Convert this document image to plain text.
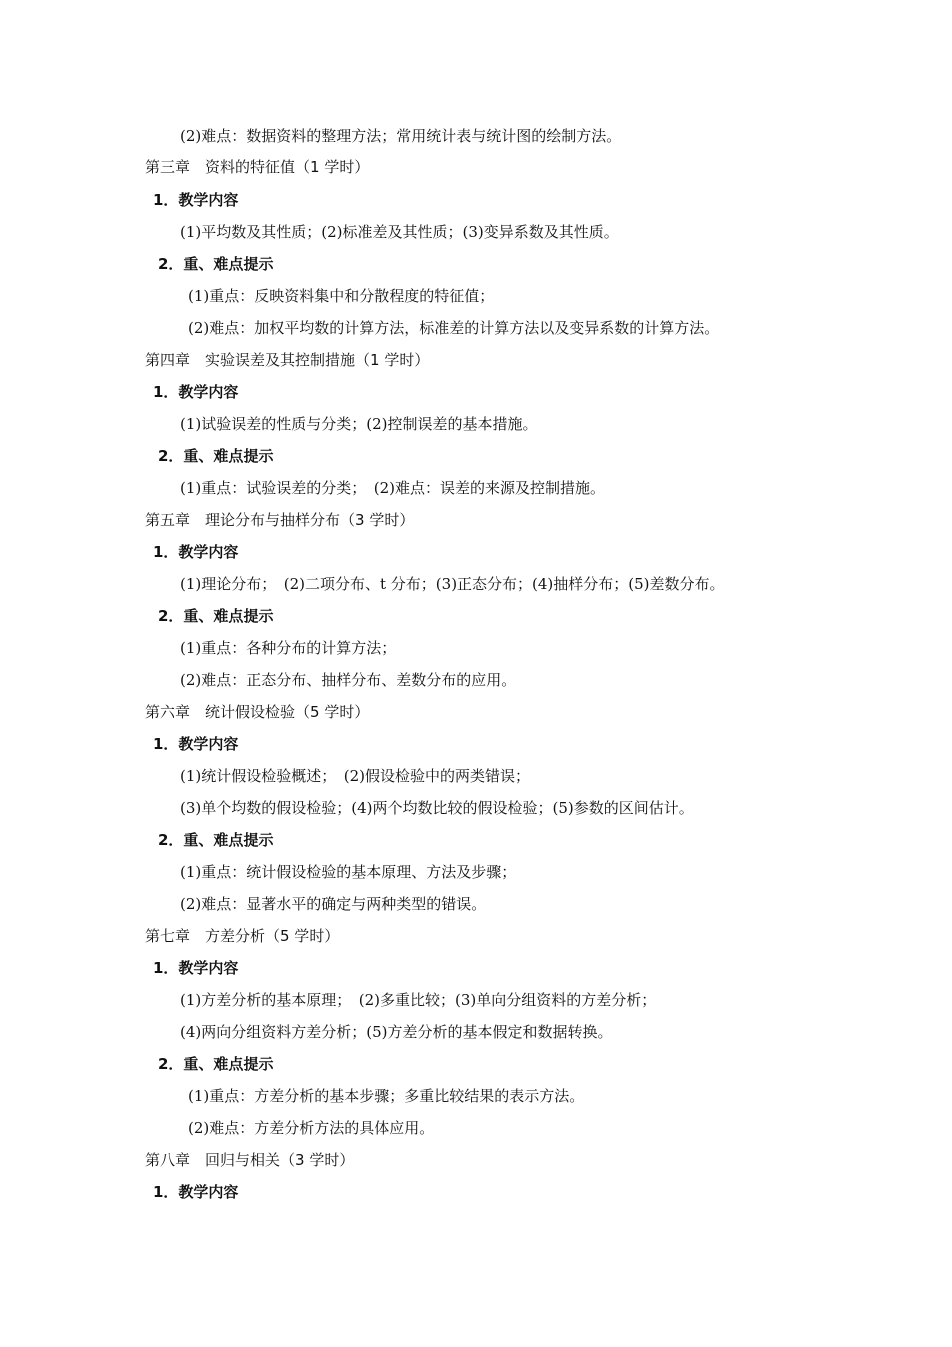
(2)难点：数据资料的整理方法；常用统计表与统计图的绘制方法。
第三章　资料的特征值（1 学时）
1．教学内容
(1)平均数及其性质；(2)标准差及其性质；(3)变异系数及其性质。
2．重、难点提示
(1)重点：反映资料集中和分散程度的特征值；
(2)难点：加权平均数的计算方法，标准差的计算方法以及变异系数的计算方法。
第四章　实验误差及其控制措施（1 学时）
1．教学内容
(1)试验误差的性质与分类；(2)控制误差的基本措施。
2．重、难点提示
(1)重点：试验误差的分类；　(2)难点：误差的来源及控制措施。
第五章　理论分布与抽样分布（3 学时）
1．教学内容
(1)理论分布；　(2)二项分布、t 分布；(3)正态分布；(4)抽样分布；(5)差数分布。
2．重、难点提示
(1)重点：各种分布的计算方法；
(2)难点：正态分布、抽样分布、差数分布的应用。
第六章　统计假设检验（5 学时）
1．教学内容
(1)统计假设检验概述；　(2)假设检验中的两类错误；
(3)单个均数的假设检验；(4)两个均数比较的假设检验；(5)参数的区间估计。
2．重、难点提示
(1)重点：统计假设检验的基本原理、方法及步骤；
(2)难点：显著水平的确定与两种类型的错误。
第七章　方差分析（5 学时）
1．教学内容
(1)方差分析的基本原理；　(2)多重比较；(3)单向分组资料的方差分析；
(4)两向分组资料方差分析；(5)方差分析的基本假定和数据转换。
2．重、难点提示
(1)重点：方差分析的基本步骤；多重比较结果的表示方法。
(2)难点：方差分析方法的具体应用。
第八章　回归与相关（3 学时）
1．教学内容
